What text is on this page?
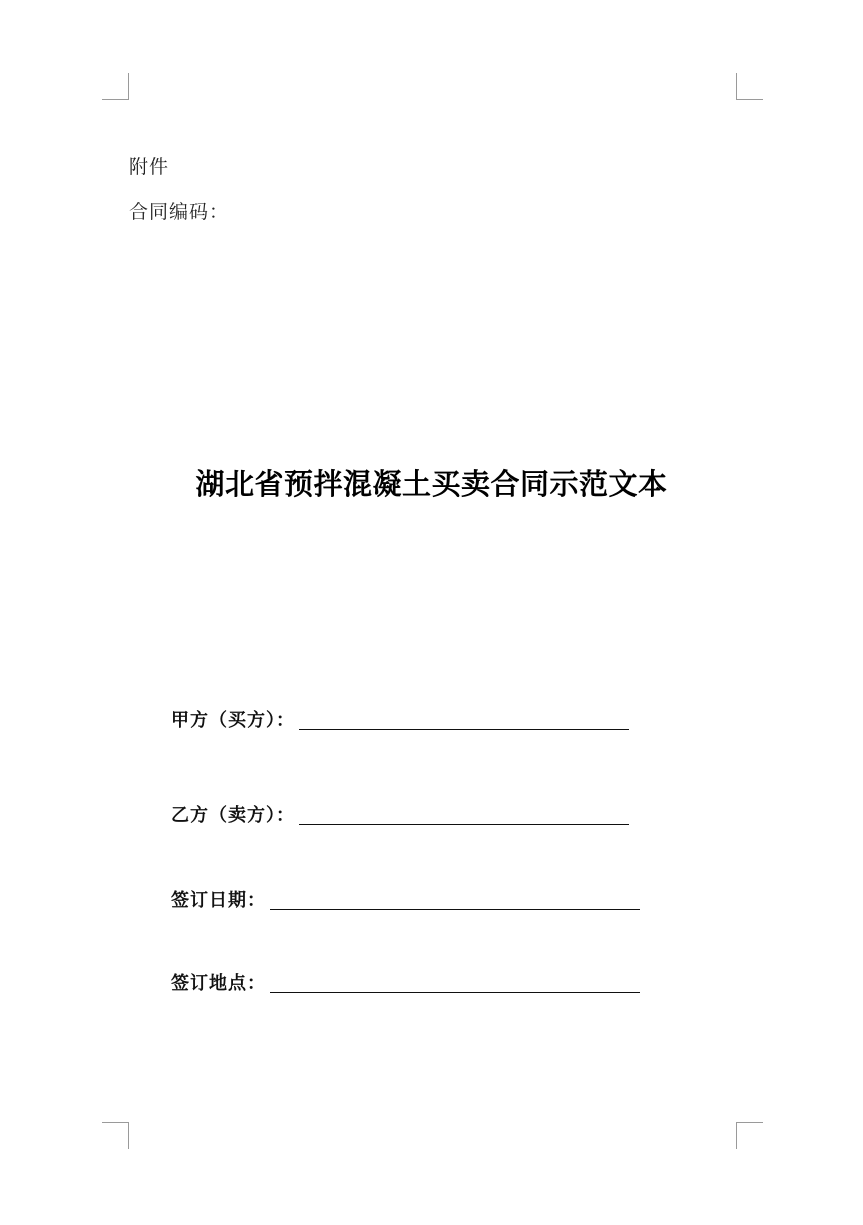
附件
合同编码：
湖北省预拌混凝土买卖合同示范文本
甲方（买方）：
乙方（卖方）：
签订日期：
签订地点：
